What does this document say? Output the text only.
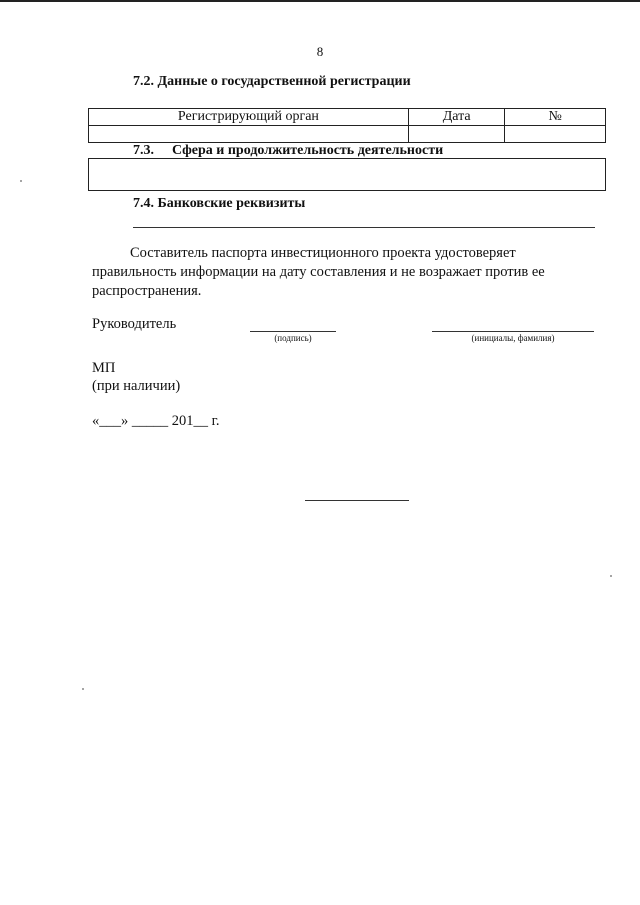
8
7.2. Данные о государственной регистрации
Регистрирующий орган	Дата	№

7.3. Сфера и продолжительность деятельности
7.4. Банковские реквизиты
Составитель паспорта инвестиционного проекта удостоверяет правильность информации на дату составления и не возражает против ее распространения.
Руководитель
(подпись)	(инициалы, фамилия)
МП
(при наличии)
«___» _____ 201__ г.
